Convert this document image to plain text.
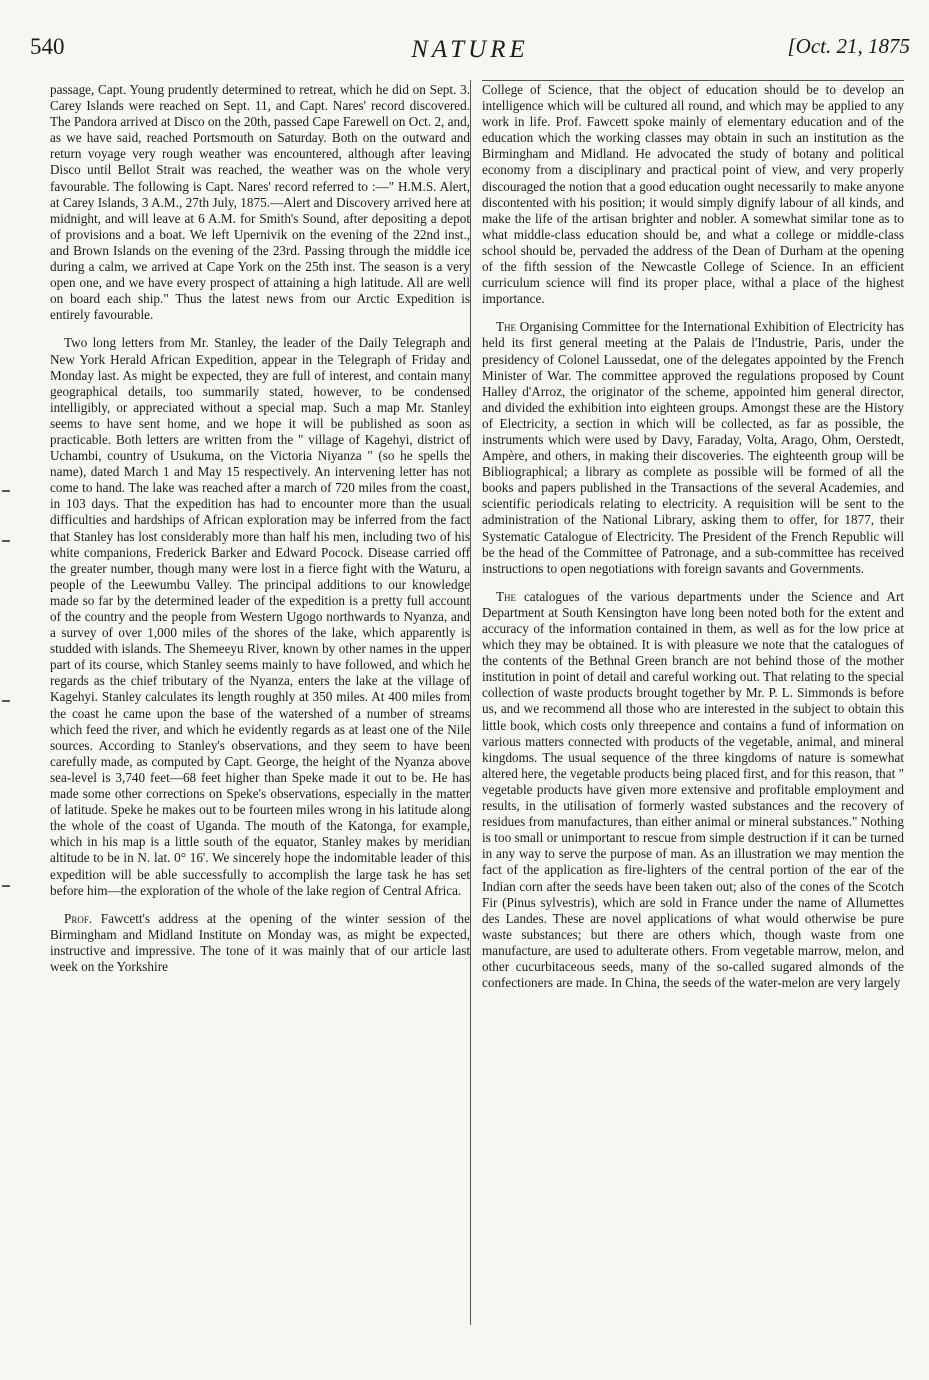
540	NATURE	[Oct. 21, 1875

passage, Capt. Young prudently determined to retreat, which he did on Sept. 3. Carey Islands were reached on Sept. 11, and Capt. Nares' record discovered. The Pandora arrived at Disco on the 20th, passed Cape Farewell on Oct. 2, and, as we have said, reached Portsmouth on Saturday. Both on the outward and return voyage very rough weather was encountered, although after leaving Disco until Bellot Strait was reached, the weather was on the whole very favourable. The following is Capt. Nares' record referred to :—" H.M.S. Alert, at Carey Islands, 3 A.M., 27th July, 1875.—Alert and Discovery arrived here at midnight, and will leave at 6 A.M. for Smith's Sound, after depositing a depot of provisions and a boat. We left Upernivik on the evening of the 22nd inst., and Brown Islands on the evening of the 23rd. Passing through the middle ice during a calm, we arrived at Cape York on the 25th inst. The season is a very open one, and we have every prospect of attaining a high latitude. All are well on board each ship." Thus the latest news from our Arctic Expedition is entirely favourable.

Two long letters from Mr. Stanley, the leader of the Daily Telegraph and New York Herald African Expedition, appear in the Telegraph of Friday and Monday last. As might be expected, they are full of interest, and contain many geographical details, too summarily stated, however, to be condensed intelligibly, or appreciated without a special map. Such a map Mr. Stanley seems to have sent home, and we hope it will be published as soon as practicable. Both letters are written from the " village of Kagehyi, district of Uchambi, country of Usukuma, on the Victoria Niyanza " (so he spells the name), dated March 1 and May 15 respectively. An intervening letter has not come to hand. The lake was reached after a march of 720 miles from the coast, in 103 days. That the expedition has had to encounter more than the usual difficulties and hardships of African exploration may be inferred from the fact that Stanley has lost considerably more than half his men, including two of his white companions, Frederick Barker and Edward Pocock. Disease carried off the greater number, though many were lost in a fierce fight with the Waturu, a people of the Leewumbu Valley. The principal additions to our knowledge made so far by the determined leader of the expedition is a pretty full account of the country and the people from Western Ugogo northwards to Nyanza, and a survey of over 1,000 miles of the shores of the lake, which apparently is studded with islands. The Shemeeyu River, known by other names in the upper part of its course, which Stanley seems mainly to have followed, and which he regards as the chief tributary of the Nyanza, enters the lake at the village of Kagehyi. Stanley calculates its length roughly at 350 miles. At 400 miles from the coast he came upon the base of the watershed of a number of streams which feed the river, and which he evidently regards as at least one of the Nile sources. According to Stanley's observations, and they seem to have been carefully made, as computed by Capt. George, the height of the Nyanza above sea-level is 3,740 feet—68 feet higher than Speke made it out to be. He has made some other corrections on Speke's observations, especially in the matter of latitude. Speke he makes out to be fourteen miles wrong in his latitude along the whole of the coast of Uganda. The mouth of the Katonga, for example, which in his map is a little south of the equator, Stanley makes by meridian altitude to be in N. lat. 0° 16'. We sincerely hope the indomitable leader of this expedition will be able successfully to accomplish the large task he has set before him—the exploration of the whole of the lake region of Central Africa.

Prof. Fawcett's address at the opening of the winter session of the Birmingham and Midland Institute on Monday was, as might be expected, instructive and impressive. The tone of it was mainly that of our article last week on the Yorkshire

College of Science, that the object of education should be to develop an intelligence which will be cultured all round, and which may be applied to any work in life. Prof. Fawcett spoke mainly of elementary education and of the education which the working classes may obtain in such an institution as the Birmingham and Midland. He advocated the study of botany and political economy from a disciplinary and practical point of view, and very properly discouraged the notion that a good education ought necessarily to make anyone discontented with his position; it would simply dignify labour of all kinds, and make the life of the artisan brighter and nobler. A somewhat similar tone as to what middle-class education should be, and what a college or middle-class school should be, pervaded the address of the Dean of Durham at the opening of the fifth session of the Newcastle College of Science. In an efficient curriculum science will find its proper place, withal a place of the highest importance.

The Organising Committee for the International Exhibition of Electricity has held its first general meeting at the Palais de l'Industrie, Paris, under the presidency of Colonel Laussedat, one of the delegates appointed by the French Minister of War. The committee approved the regulations proposed by Count Halley d'Arroz, the originator of the scheme, appointed him general director, and divided the exhibition into eighteen groups. Amongst these are the History of Electricity, a section in which will be collected, as far as possible, the instruments which were used by Davy, Faraday, Volta, Arago, Ohm, Oerstedt, Ampère, and others, in making their discoveries. The eighteenth group will be Bibliographical; a library as complete as possible will be formed of all the books and papers published in the Transactions of the several Academies, and scientific periodicals relating to electricity. A requisition will be sent to the administration of the National Library, asking them to offer, for 1877, their Systematic Catalogue of Electricity. The President of the French Republic will be the head of the Committee of Patronage, and a sub-committee has received instructions to open negotiations with foreign savants and Governments.

The catalogues of the various departments under the Science and Art Department at South Kensington have long been noted both for the extent and accuracy of the information contained in them, as well as for the low price at which they may be obtained. It is with pleasure we note that the catalogues of the contents of the Bethnal Green branch are not behind those of the mother institution in point of detail and careful working out. That relating to the special collection of waste products brought together by Mr. P. L. Simmonds is before us, and we recommend all those who are interested in the subject to obtain this little book, which costs only threepence and contains a fund of information on various matters connected with products of the vegetable, animal, and mineral kingdoms. The usual sequence of the three kingdoms of nature is somewhat altered here, the vegetable products being placed first, and for this reason, that " vegetable products have given more extensive and profitable employment and results, in the utilisation of formerly wasted substances and the recovery of residues from manufactures, than either animal or mineral substances." Nothing is too small or unimportant to rescue from simple destruction if it can be turned in any way to serve the purpose of man. As an illustration we may mention the fact of the application as fire-lighters of the central portion of the ear of the Indian corn after the seeds have been taken out; also of the cones of the Scotch Fir (Pinus sylvestris), which are sold in France under the name of Allumettes des Landes. These are novel applications of what would otherwise be pure waste substances; but there are others which, though waste from one manufacture, are used to adulterate others. From vegetable marrow, melon, and other cucurbitaceous seeds, many of the so-called sugared almonds of the confectioners are made. In China, the seeds of the water-melon are very largely
